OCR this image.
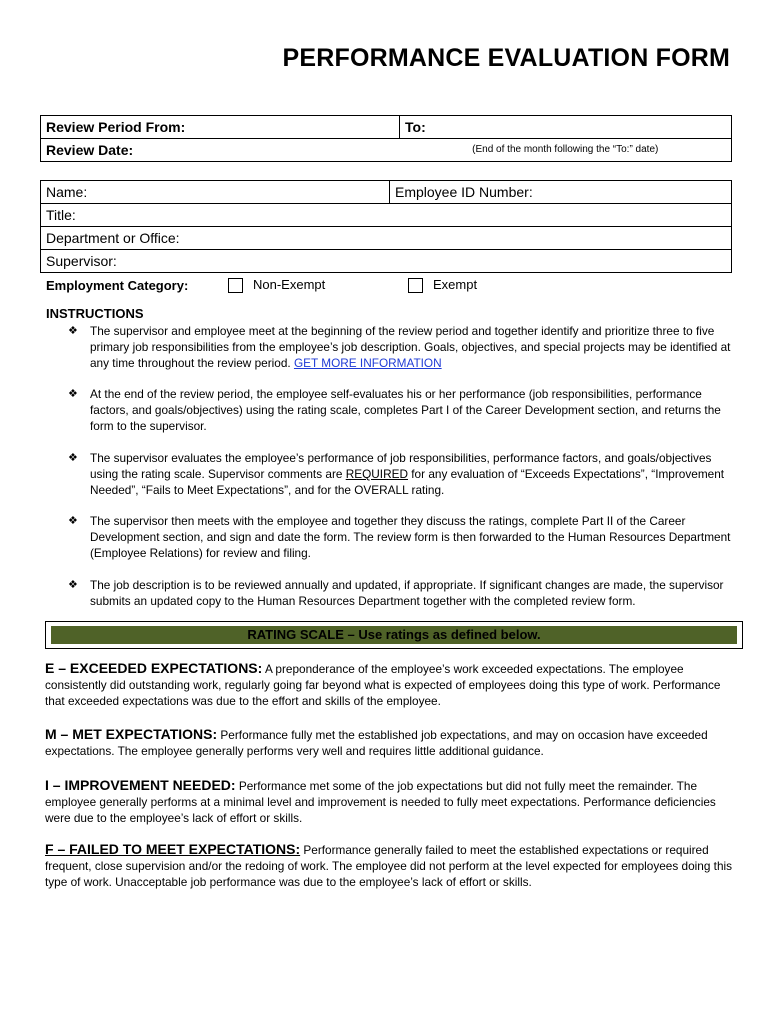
PERFORMANCE EVALUATION FORM
Review Period From:	To:
Review Date:	(End of the month following the “To:” date)
Name:	Employee ID Number:
Title:
Department or Office:
Supervisor:
Employment Category:	Non-Exempt	Exempt
INSTRUCTIONS
❖ The supervisor and employee meet at the beginning of the review period and together identify and prioritize three to five primary job responsibilities from the employee’s job description. Goals, objectives, and special projects may be identified at any time throughout the review period. GET MORE INFORMATION
❖ At the end of the review period, the employee self-evaluates his or her performance (job responsibilities, performance factors, and goals/objectives) using the rating scale, completes Part I of the Career Development section, and returns the form to the supervisor.
❖ The supervisor evaluates the employee’s performance of job responsibilities, performance factors, and goals/objectives using the rating scale. Supervisor comments are REQUIRED for any evaluation of “Exceeds Expectations”, “Improvement Needed”, “Fails to Meet Expectations”, and for the OVERALL rating.
❖ The supervisor then meets with the employee and together they discuss the ratings, complete Part II of the Career Development section, and sign and date the form. The review form is then forwarded to the Human Resources Department (Employee Relations) for review and filing.
❖ The job description is to be reviewed annually and updated, if appropriate. If significant changes are made, the supervisor submits an updated copy to the Human Resources Department together with the completed review form.
RATING SCALE – Use ratings as defined below.
E – EXCEEDED EXPECTATIONS: A preponderance of the employee’s work exceeded expectations. The employee consistently did outstanding work, regularly going far beyond what is expected of employees doing this type of work. Performance that exceeded expectations was due to the effort and skills of the employee.
M – MET EXPECTATIONS: Performance fully met the established job expectations, and may on occasion have exceeded expectations. The employee generally performs very well and requires little additional guidance.
I – IMPROVEMENT NEEDED: Performance met some of the job expectations but did not fully meet the remainder. The employee generally performs at a minimal level and improvement is needed to fully meet expectations. Performance deficiencies were due to the employee’s lack of effort or skills.
F – FAILED TO MEET EXPECTATIONS: Performance generally failed to meet the established expectations or required frequent, close supervision and/or the redoing of work. The employee did not perform at the level expected for employees doing this type of work. Unacceptable job performance was due to the employee’s lack of effort or skills.
